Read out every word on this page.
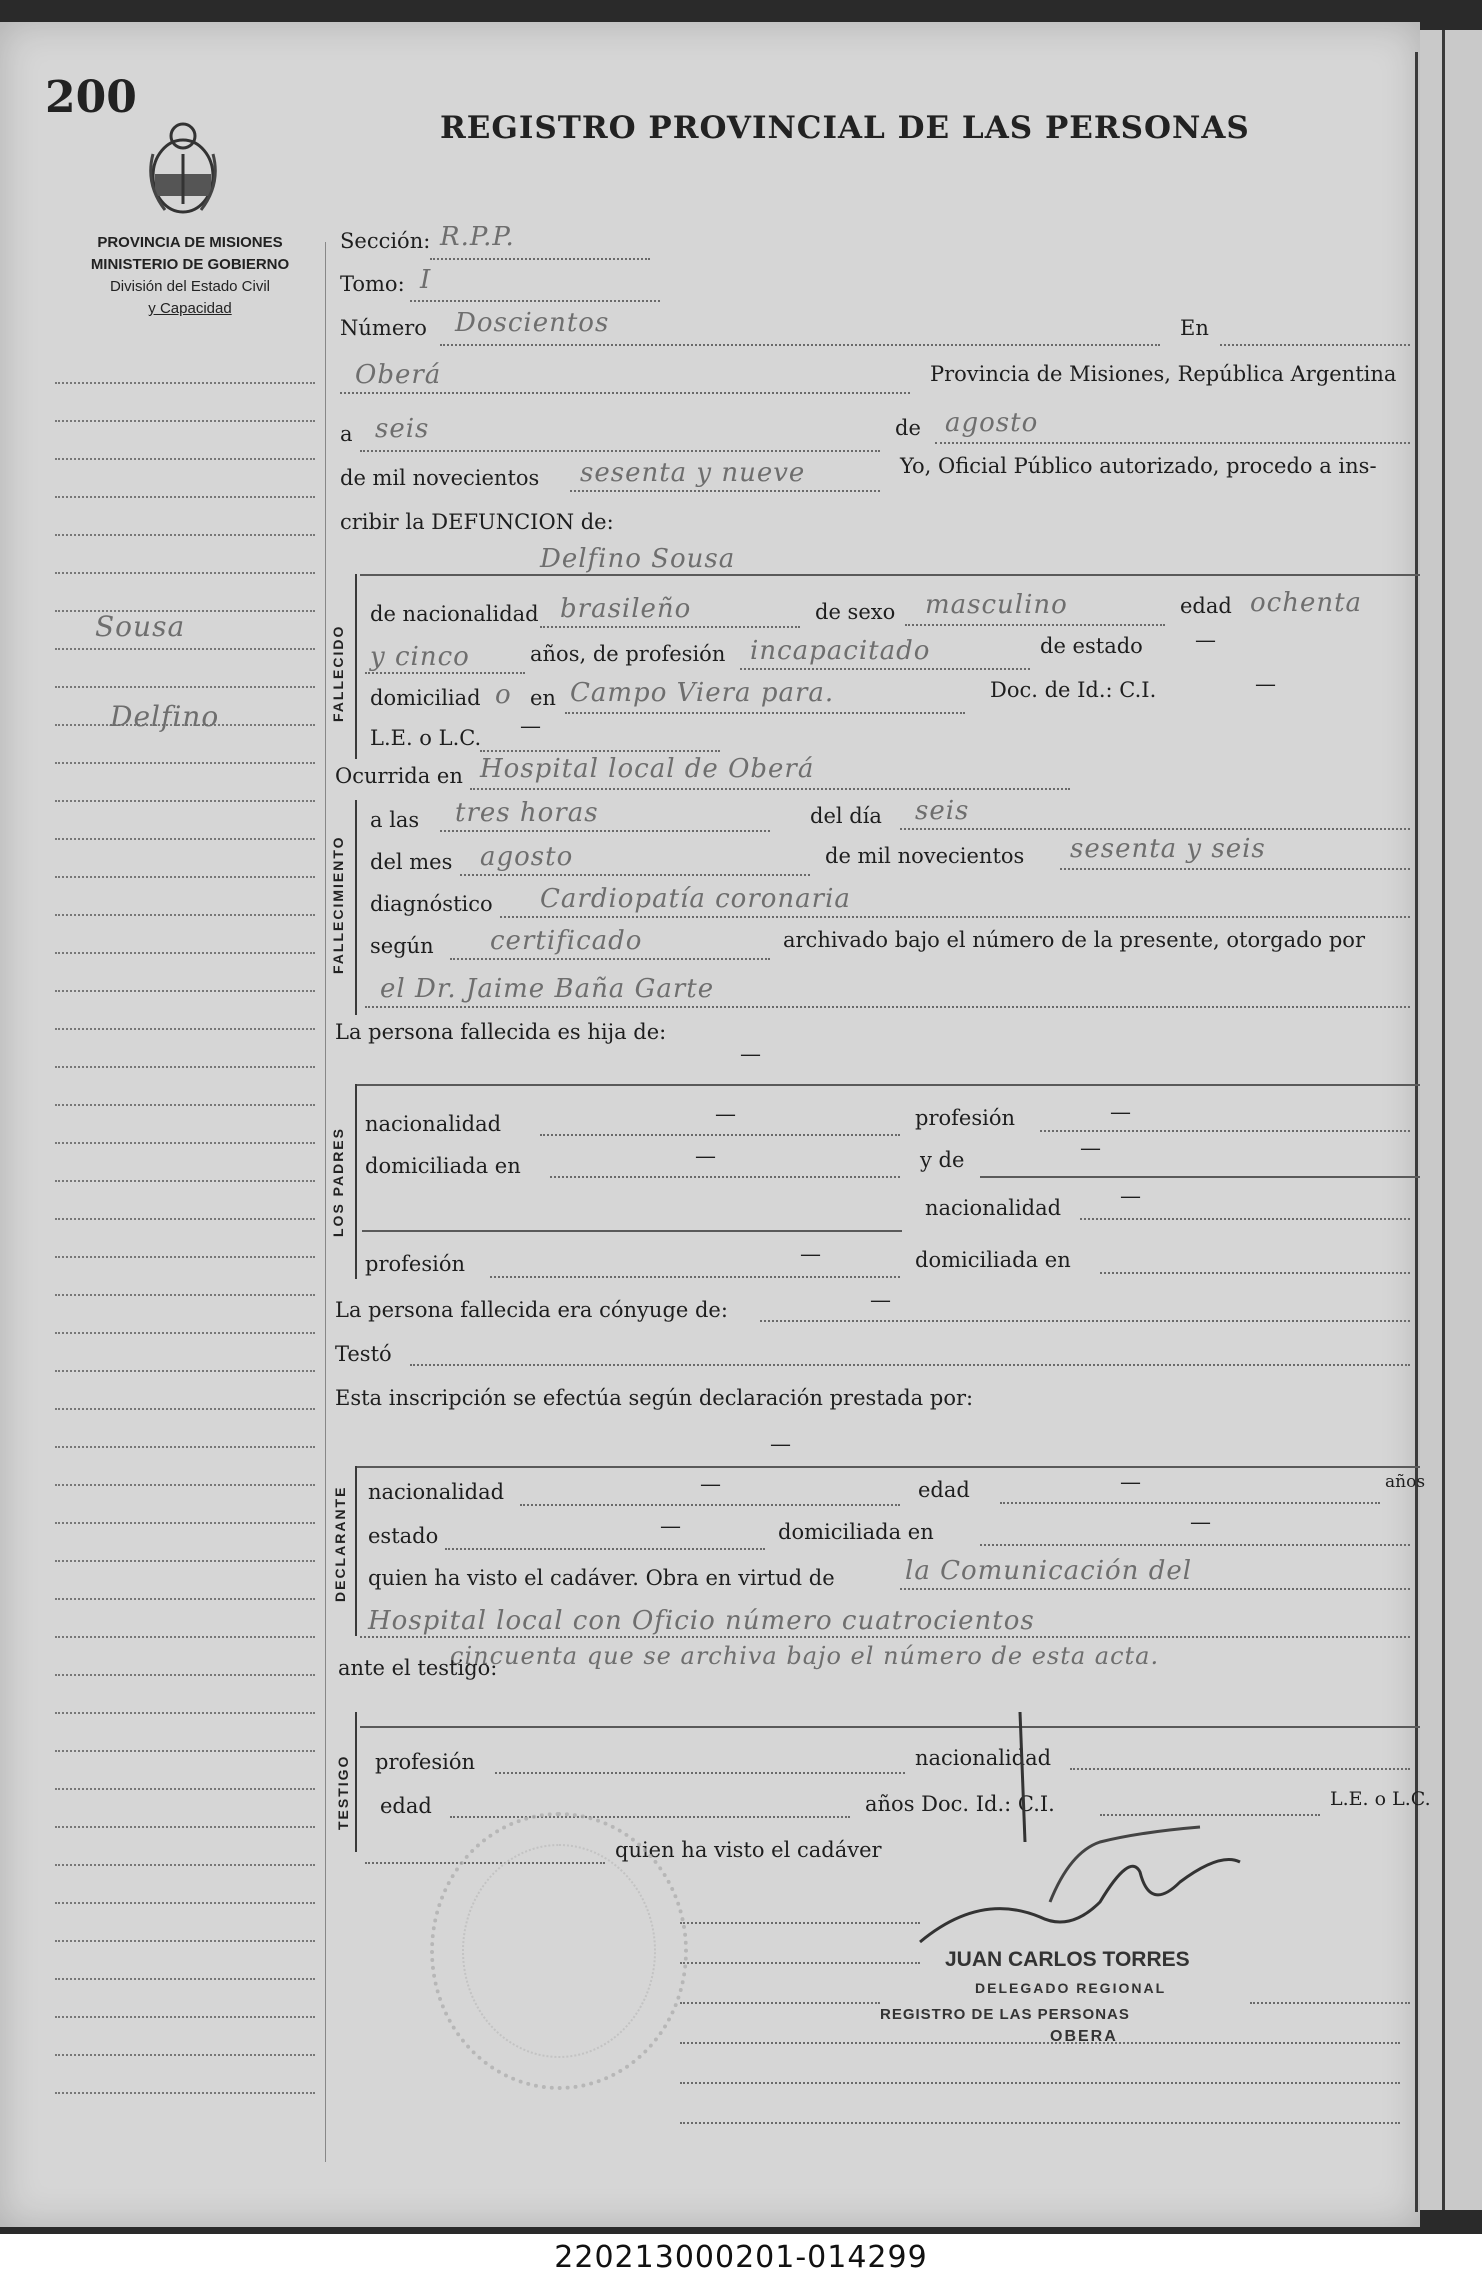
200
REGISTRO PROVINCIAL DE LAS PERSONAS
PROVINCIA DE MISIONES
MINISTERIO DE GOBIERNO
División del Estado Civil
y Capacidad
Sousa
Delfino
Sección: R.P.P.
Tomo: I
Número Doscientos	En
Oberá	Provincia de Misiones, República Argentina
a seis	de agosto
de mil novecientos sesenta y nueve	Yo, Oficial Público autorizado, procedo a ins-
cribir la DEFUNCION de:
Delfino Sousa
FALLECIDO
de nacionalidad brasileño	de sexo masculino	edad ochenta
y cinco	años, de profesión incapacitado	de estado —
domiciliad o en Campo Viera para.	Doc. de Id.: C.I.	—
L.E. o L.C. —
Ocurrida en Hospital local de Oberá
FALLECIMIENTO
a las tres horas	del día seis
del mes agosto	de mil novecientos sesenta y seis
diagnóstico Cardiopatía coronaria
según certificado	archivado bajo el número de la presente, otorgado por
el Dr. Jaime Baña Garte
La persona fallecida es hija de:
—
LOS PADRES
nacionalidad	—	profesión	—
domiciliada en	—	y de	—
nacionalidad	—
profesión	—	domiciliada en
La persona fallecida era cónyuge de:	—
Testó
Esta inscripción se efectúa según declaración prestada por:
—
DECLARANTE nacionalidad	—	edad	—	años
estado	—	domiciliada en	—
quien ha visto el cadáver. Obra en virtud de	la Comunicación del
Hospital local con Oficio número cuatrocientos
cincuenta que se archiva bajo el número de esta acta.
ante el testigo:
TESTIGO profesión	nacionalidad
edad	años Doc. Id.: C.I.	L.E. o L.C.
quien ha visto el cadáver
JUAN CARLOS TORRES
DELEGADO REGIONAL
REGISTRO DE LAS PERSONAS
OBERA
220213000201-014299
